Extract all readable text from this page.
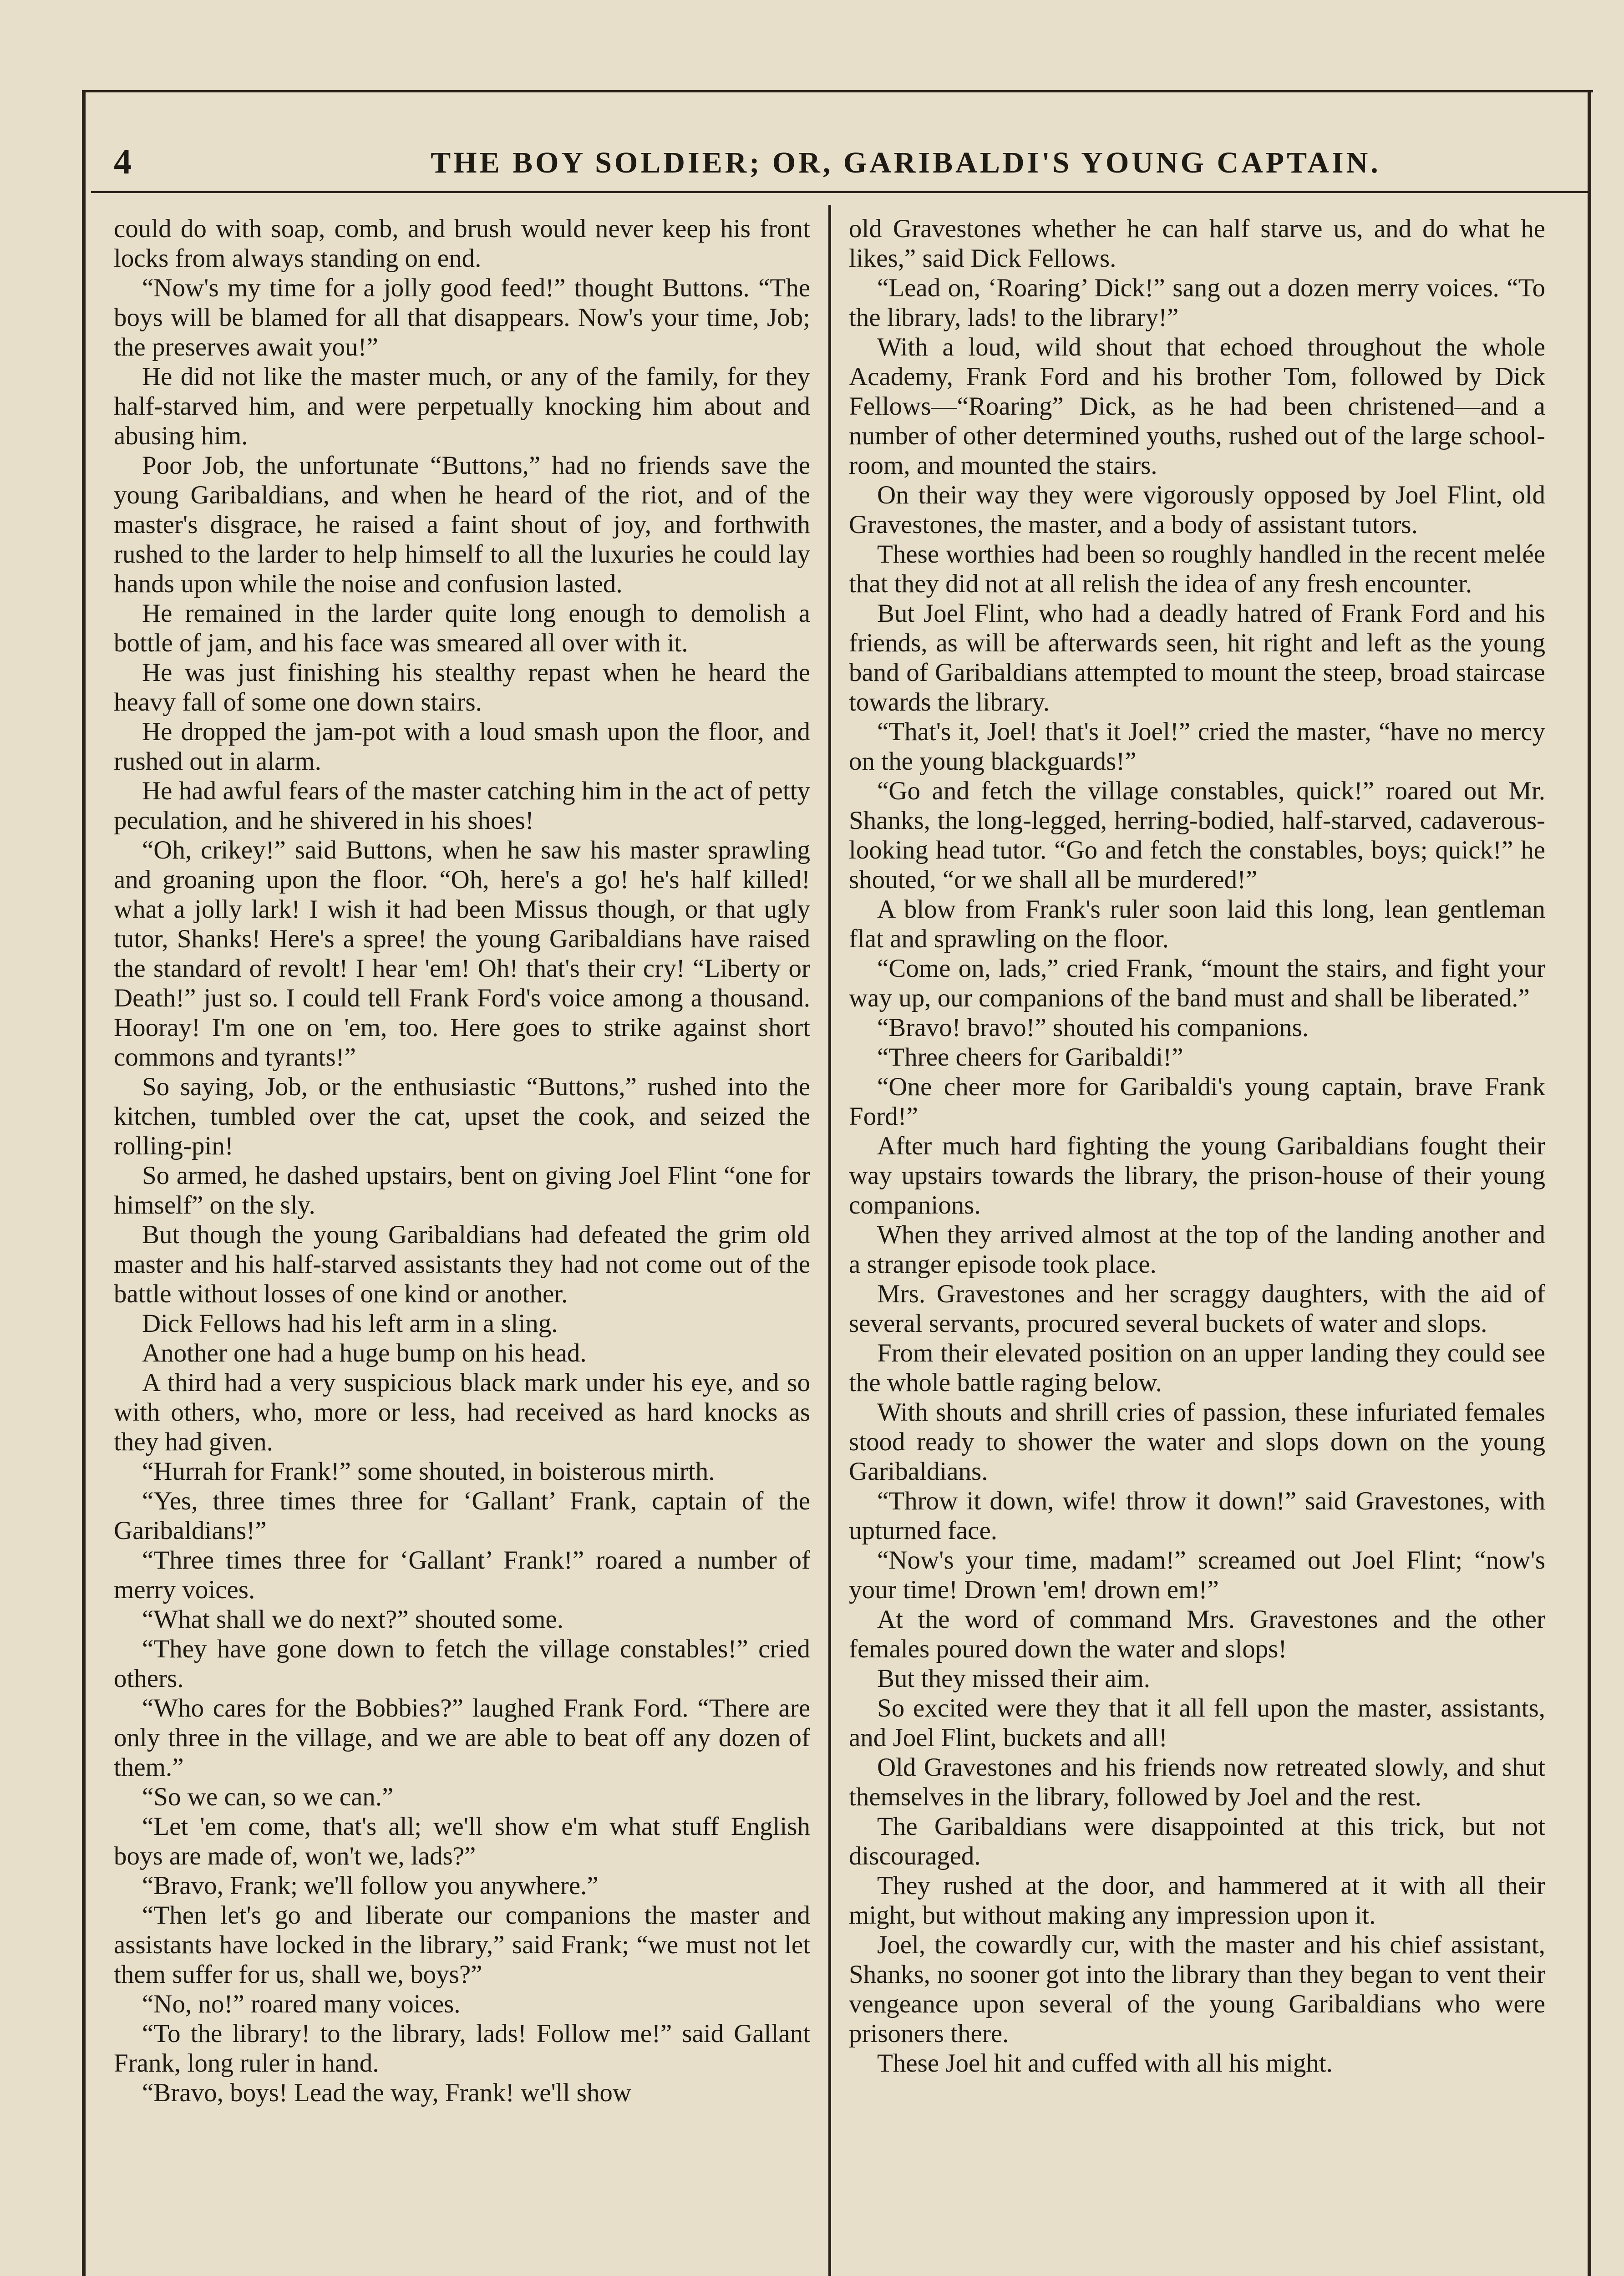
4	THE BOY SOLDIER; OR, GARIBALDI'S YOUNG CAPTAIN.

could do with soap, comb, and brush would never keep his front locks from always standing on end.

“Now's my time for a jolly good feed!” thought Buttons. “The boys will be blamed for all that disappears. Now's your time, Job; the preserves await you!”

He did not like the master much, or any of the family, for they half-starved him, and were perpetually knocking him about and abusing him.

Poor Job, the unfortunate “Buttons,” had no friends save the young Garibaldians, and when he heard of the riot, and of the master's disgrace, he raised a faint shout of joy, and forthwith rushed to the larder to help himself to all the luxuries he could lay hands upon while the noise and confusion lasted.

He remained in the larder quite long enough to demolish a bottle of jam, and his face was smeared all over with it.

He was just finishing his stealthy repast when he heard the heavy fall of some one down stairs.

He dropped the jam-pot with a loud smash upon the floor, and rushed out in alarm.

He had awful fears of the master catching him in the act of petty peculation, and he shivered in his shoes!

“Oh, crikey!” said Buttons, when he saw his master sprawling and groaning upon the floor. “Oh, here's a go! he's half killed! what a jolly lark! I wish it had been Missus though, or that ugly tutor, Shanks! Here's a spree! the young Garibaldians have raised the standard of revolt! I hear 'em! Oh! that's their cry! “Liberty or Death!” just so. I could tell Frank Ford's voice among a thousand. Hooray! I'm one on 'em, too. Here goes to strike against short commons and tyrants!”

So saying, Job, or the enthusiastic “Buttons,” rushed into the kitchen, tumbled over the cat, upset the cook, and seized the rolling-pin!

So armed, he dashed upstairs, bent on giving Joel Flint “one for himself” on the sly.

But though the young Garibaldians had defeated the grim old master and his half-starved assistants they had not come out of the battle without losses of one kind or another.

Dick Fellows had his left arm in a sling.

Another one had a huge bump on his head.

A third had a very suspicious black mark under his eye, and so with others, who, more or less, had received as hard knocks as they had given.

“Hurrah for Frank!” some shouted, in boisterous mirth.

“Yes, three times three for ‘Gallant’ Frank, captain of the Garibaldians!”

“Three times three for ‘Gallant’ Frank!” roared a number of merry voices.

“What shall we do next?” shouted some.

“They have gone down to fetch the village constables!” cried others.

“Who cares for the Bobbies?” laughed Frank Ford. “There are only three in the village, and we are able to beat off any dozen of them.”

“So we can, so we can.”

“Let 'em come, that's all; we'll show e'm what stuff English boys are made of, won't we, lads?”

“Bravo, Frank; we'll follow you anywhere.”

“Then let's go and liberate our companions the master and assistants have locked in the library,” said Frank; “we must not let them suffer for us, shall we, boys?”

“No, no!” roared many voices.

“To the library! to the library, lads! Follow me!” said Gallant Frank, long ruler in hand.

“Bravo, boys! Lead the way, Frank! we'll show

old Gravestones whether he can half starve us, and do what he likes,” said Dick Fellows.

“Lead on, ‘Roaring’ Dick!” sang out a dozen merry voices. “To the library, lads! to the library!”

With a loud, wild shout that echoed throughout the whole Academy, Frank Ford and his brother Tom, followed by Dick Fellows—“Roaring” Dick, as he had been christened—and a number of other determined youths, rushed out of the large school-room, and mounted the stairs.

On their way they were vigorously opposed by Joel Flint, old Gravestones, the master, and a body of assistant tutors.

These worthies had been so roughly handled in the recent melée that they did not at all relish the idea of any fresh encounter.

But Joel Flint, who had a deadly hatred of Frank Ford and his friends, as will be afterwards seen, hit right and left as the young band of Garibaldians attempted to mount the steep, broad staircase towards the library.

“That's it, Joel! that's it Joel!” cried the master, “have no mercy on the young blackguards!”

“Go and fetch the village constables, quick!” roared out Mr. Shanks, the long-legged, herring-bodied, half-starved, cadaverous-looking head tutor. “Go and fetch the constables, boys; quick!” he shouted, “or we shall all be murdered!”

A blow from Frank's ruler soon laid this long, lean gentleman flat and sprawling on the floor.

“Come on, lads,” cried Frank, “mount the stairs, and fight your way up, our companions of the band must and shall be liberated.”

“Bravo! bravo!” shouted his companions.

“Three cheers for Garibaldi!”

“One cheer more for Garibaldi's young captain, brave Frank Ford!”

After much hard fighting the young Garibaldians fought their way upstairs towards the library, the prison-house of their young companions.

When they arrived almost at the top of the landing another and a stranger episode took place.

Mrs. Gravestones and her scraggy daughters, with the aid of several servants, procured several buckets of water and slops.

From their elevated position on an upper landing they could see the whole battle raging below.

With shouts and shrill cries of passion, these infuriated females stood ready to shower the water and slops down on the young Garibaldians.

“Throw it down, wife! throw it down!” said Gravestones, with upturned face.

“Now's your time, madam!” screamed out Joel Flint; “now's your time! Drown 'em! drown em!”

At the word of command Mrs. Gravestones and the other females poured down the water and slops!

But they missed their aim.

So excited were they that it all fell upon the master, assistants, and Joel Flint, buckets and all!

Old Gravestones and his friends now retreated slowly, and shut themselves in the library, followed by Joel and the rest.

The Garibaldians were disappointed at this trick, but not discouraged.

They rushed at the door, and hammered at it with all their might, but without making any impression upon it.

Joel, the cowardly cur, with the master and his chief assistant, Shanks, no sooner got into the library than they began to vent their vengeance upon several of the young Garibaldians who were prisoners there.

These Joel hit and cuffed with all his might.
